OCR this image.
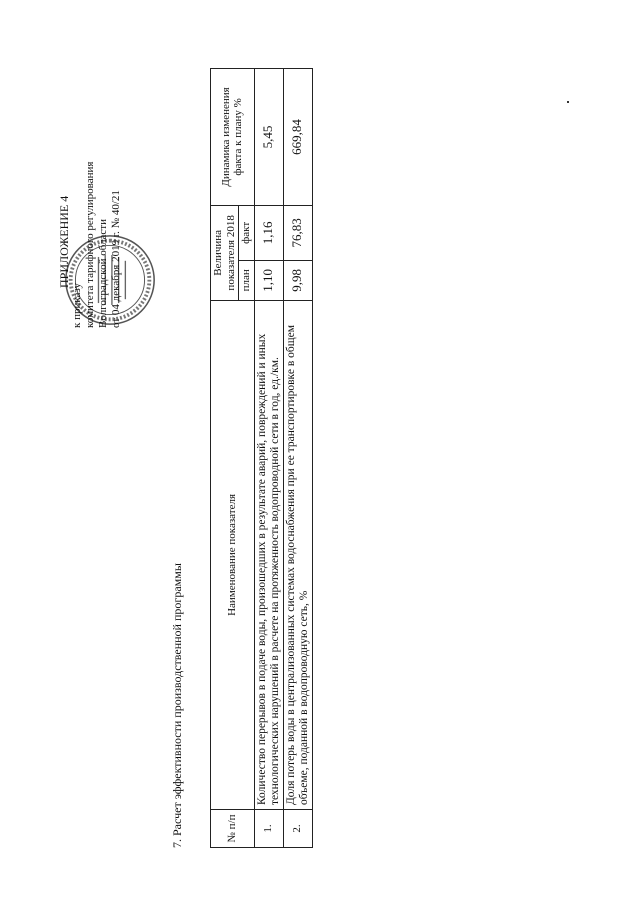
7. Расчет эффективности производственной программы
ПРИЛОЖЕНИЕ 4
к приказу комитета тарифного регулирования Волгоградской области от 04 декабря 2019 г. № 40/21
№ п/п	Наименование показателя	Величина показателя 2018		Динамика изменения факта к плану %
		план	факт	
1.	Количество перерывов в подаче воды, произошедших в результате аварий, повреждений и иных технологических нарушений в расчете на протяженность водопроводной сети в год, ед./км.	1,10	1,16	5,45
2.	Доля потерь воды в централизованных системах водоснабжения при ее транспортировке в общем объеме, поданной в водопроводную сеть, %	9,98	76,83	669,84
